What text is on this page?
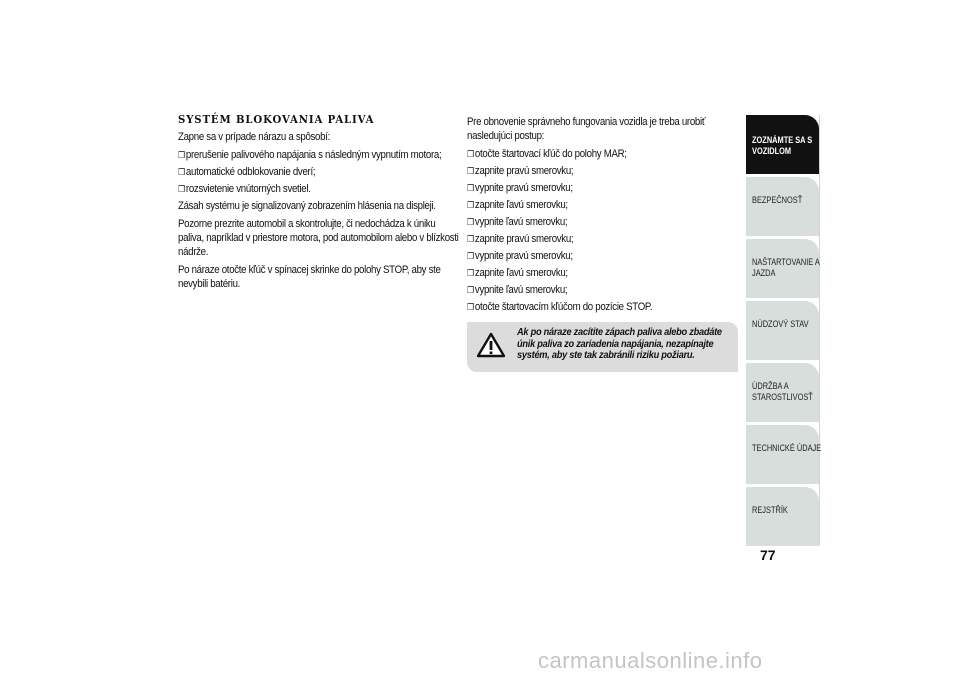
SYSTÉM BLOKOVANIA PALIVA

Zapne sa v prípade nárazu a spôsobí:

❒prerušenie palivového napájania s následným vypnutím motora;
❒automatické odblokovanie dverí;
❒rozsvietenie vnútorných svetiel.

Zásah systému je signalizovaný zobrazením hlásenia na displeji.

Pozorne prezrite automobil a skontrolujte, či nedochádza k úniku paliva, napríklad v priestore motora, pod automobilom alebo v blízkosti nádrže.

Po náraze otočte kľúč v spínacej skrinke do polohy STOP, aby ste nevybili batériu.

Pre obnovenie správneho fungovania vozidla je treba urobiť nasledujúci postup:

❒otočte štartovací kľúč do polohy MAR;
❒zapnite pravú smerovku;
❒vypnite pravú smerovku;
❒zapnite ľavú smerovku;
❒vypnite ľavú smerovku;
❒zapnite pravú smerovku;
❒vypnite pravú smerovku;
❒zapnite ľavú smerovku;
❒vypnite ľavú smerovku;
❒otočte štartovacím kľúčom do pozície STOP.
Ak po náraze zacítite zápach paliva alebo zbadáte únik paliva zo zariadenia napájania, nezapínajte systém, aby ste tak zabránili riziku požiaru.
ZOZNÁMTE SA S VOZIDLOM
BEZPEČNOSŤ
NAŠTARTOVANIE A JAZDA
NÚDZOVÝ STAV
ÚDRŽBA A STAROSTLIVOSŤ
TECHNICKÉ ÚDAJE
REJSTŘÍK
77
carmanualsonline.info
